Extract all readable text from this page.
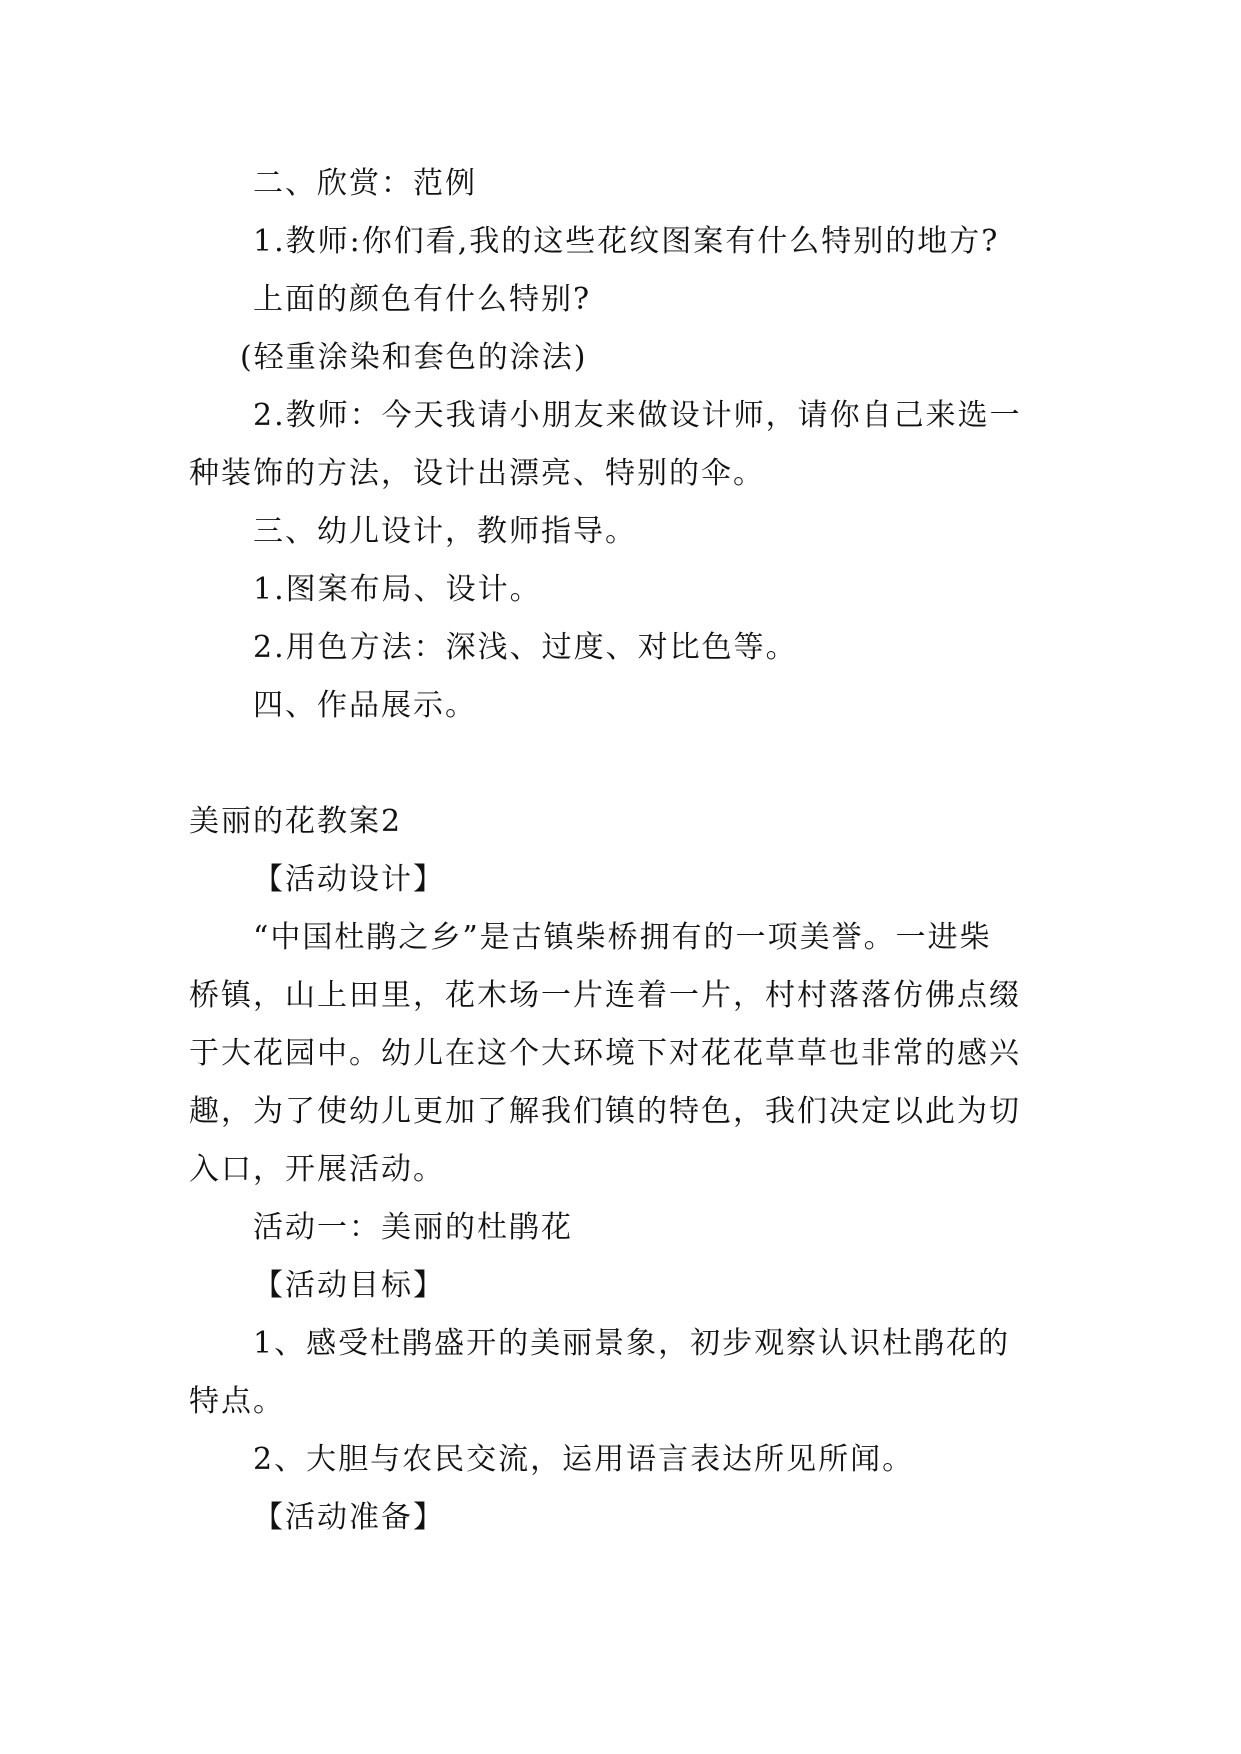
二、欣赏：范例
1.教师:你们看,我的这些花纹图案有什么特别的地方?
上面的颜色有什么特别?
(轻重涂染和套色的涂法)
2.教师：今天我请小朋友来做设计师，请你自己来选一
种装饰的方法，设计出漂亮、特别的伞。
三、幼儿设计，教师指导。
1.图案布局、设计。
2.用色方法：深浅、过度、对比色等。
四、作品展示。
美丽的花教案2
【活动设计】
“中国杜鹃之乡”是古镇柴桥拥有的一项美誉。一进柴
桥镇，山上田里，花木场一片连着一片，村村落落仿佛点缀
于大花园中。幼儿在这个大环境下对花花草草也非常的感兴
趣，为了使幼儿更加了解我们镇的特色，我们决定以此为切
入口，开展活动。
活动一：美丽的杜鹃花
【活动目标】
1、感受杜鹃盛开的美丽景象，初步观察认识杜鹃花的
特点。
2、大胆与农民交流，运用语言表达所见所闻。
【活动准备】
